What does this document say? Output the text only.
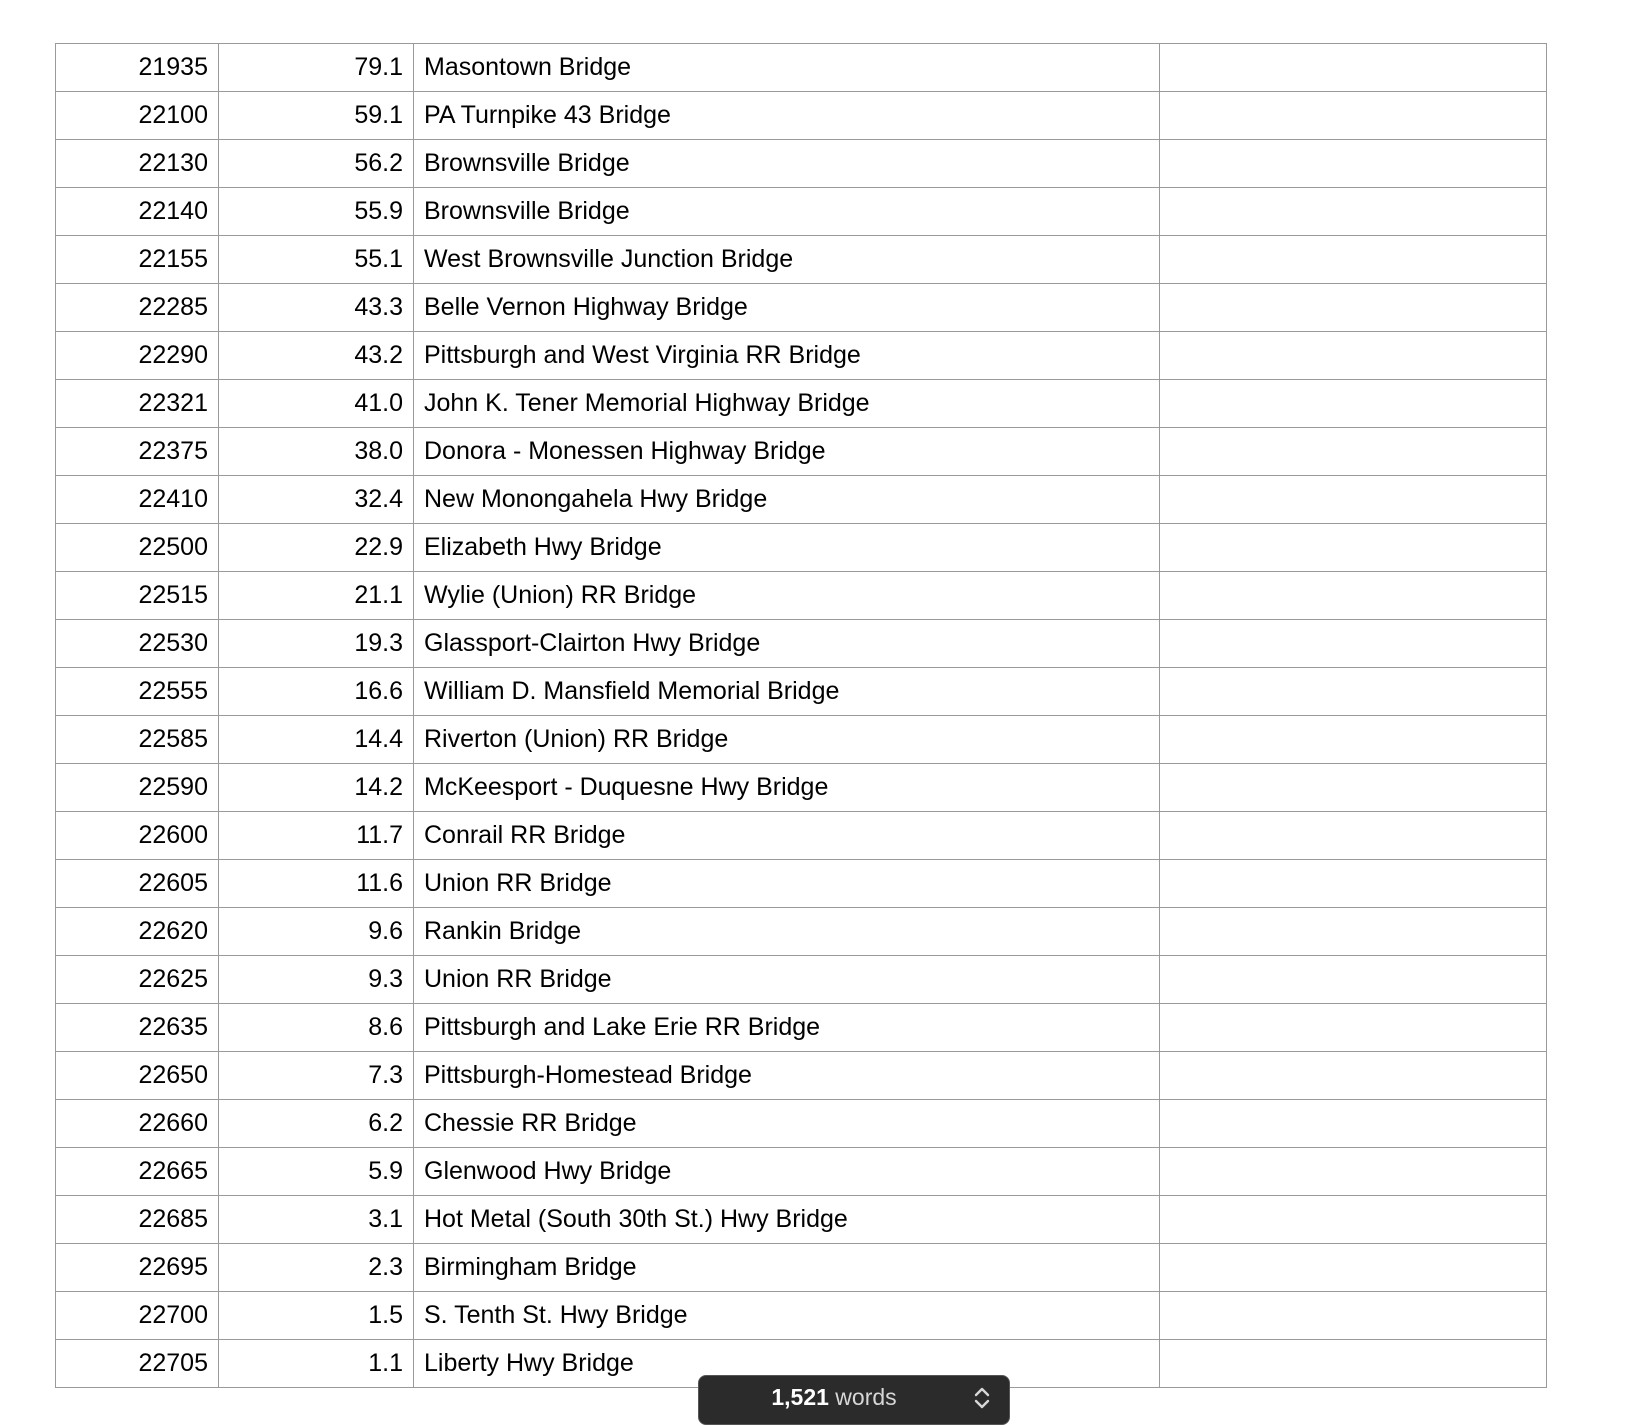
21935	79.1	Masontown Bridge	
22100	59.1	PA Turnpike 43 Bridge	
22130	56.2	Brownsville Bridge	
22140	55.9	Brownsville Bridge	
22155	55.1	West Brownsville Junction Bridge	
22285	43.3	Belle Vernon Highway Bridge	
22290	43.2	Pittsburgh and West Virginia RR Bridge	
22321	41.0	John K. Tener Memorial Highway Bridge	
22375	38.0	Donora - Monessen Highway Bridge	
22410	32.4	New Monongahela Hwy Bridge	
22500	22.9	Elizabeth Hwy Bridge	
22515	21.1	Wylie (Union) RR Bridge	
22530	19.3	Glassport-Clairton Hwy Bridge	
22555	16.6	William D. Mansfield Memorial Bridge	
22585	14.4	Riverton (Union) RR Bridge	
22590	14.2	McKeesport - Duquesne Hwy Bridge	
22600	11.7	Conrail RR Bridge	
22605	11.6	Union RR Bridge	
22620	9.6	Rankin Bridge	
22625	9.3	Union RR Bridge	
22635	8.6	Pittsburgh and Lake Erie RR Bridge	
22650	7.3	Pittsburgh-Homestead Bridge	
22660	6.2	Chessie RR Bridge	
22665	5.9	Glenwood Hwy Bridge	
22685	3.1	Hot Metal (South 30th St.) Hwy Bridge	
22695	2.3	Birmingham Bridge	
22700	1.5	S. Tenth St. Hwy Bridge	
22705	1.1	Liberty Hwy Bridge	
1,521 words
